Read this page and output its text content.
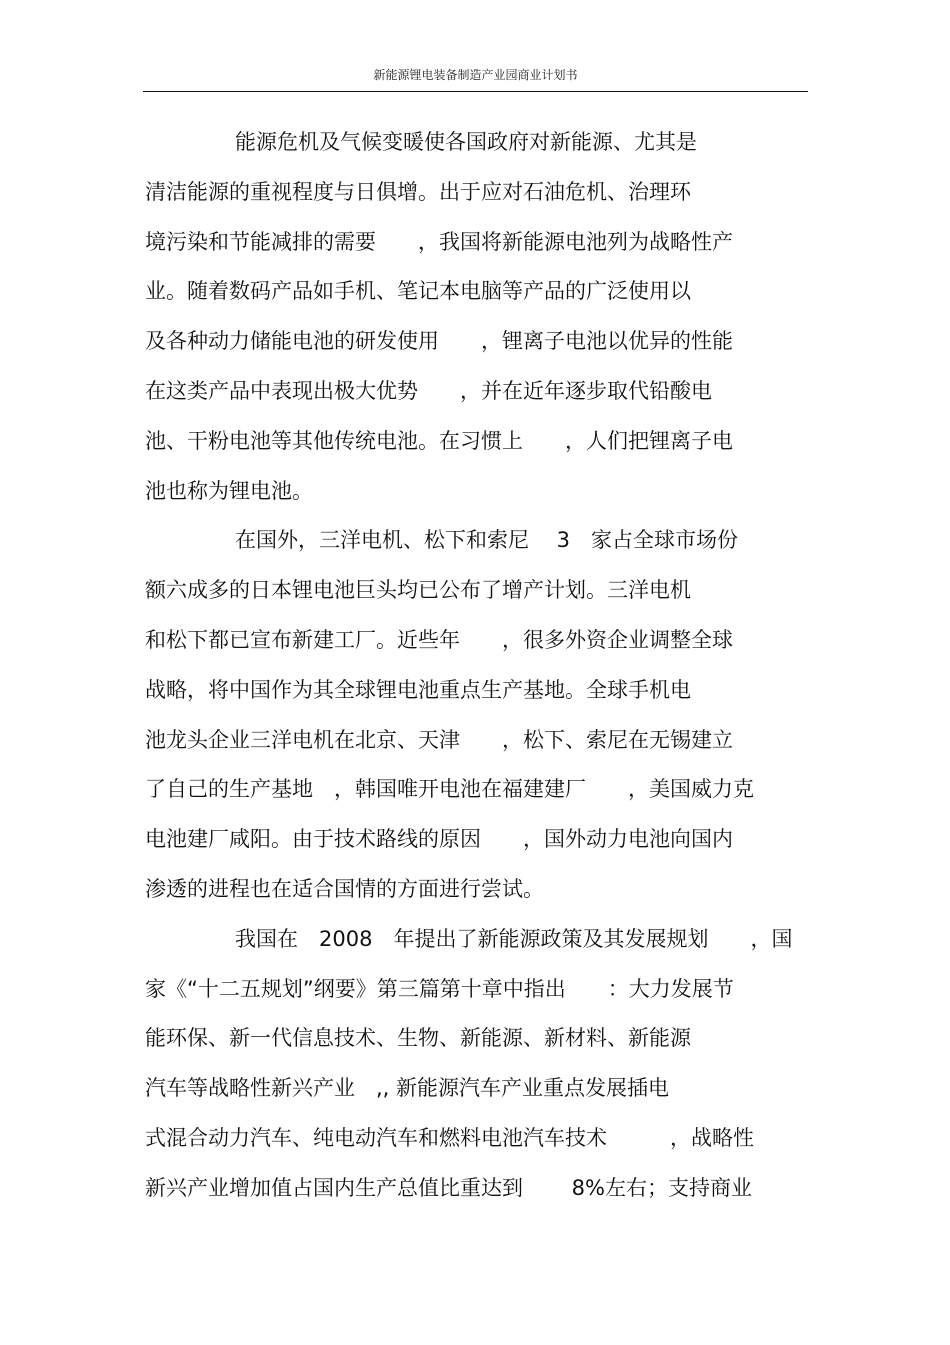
新能源锂电装备制造产业园商业计划书
能源危机及气候变暖使各国政府对新能源、尤其是
清洁能源的重视程度与日俱增。出于应对石油危机、治理环
境污染和节能减排的需要　　，我国将新能源电池列为战略性产
业。随着数码产品如手机、笔记本电脑等产品的广泛使用以
及各种动力储能电池的研发使用　　，锂离子电池以优异的性能
在这类产品中表现出极大优势　　，并在近年逐步取代铅酸电
池、干粉电池等其他传统电池。在习惯上　　，人们把锂离子电
池也称为锂电池。
在国外，三洋电机、松下和索尼　 3　家占全球市场份
额六成多的日本锂电池巨头均已公布了增产计划。三洋电机
和松下都已宣布新建工厂。近些年　　，很多外资企业调整全球
战略，将中国作为其全球锂电池重点生产基地。全球手机电
池龙头企业三洋电机在北京、天津　　，松下、索尼在无锡建立
了自己的生产基地　，韩国唯开电池在福建建厂　　，美国威力克
电池建厂咸阳。由于技术路线的原因　　，国外动力电池向国内
渗透的进程也在适合国情的方面进行尝试。
我国在　2008　年提出了新能源政策及其发展规划　　，国
家《“十二五规划”纲要》第三篇第十章中指出　　：大力发展节
能环保、新一代信息技术、生物、新能源、新材料、新能源
汽车等战略性新兴产业　,, 新能源汽车产业重点发展插电
式混合动力汽车、纯电动汽车和燃料电池汽车技术　　　，战略性
新兴产业增加值占国内生产总值比重达到　　 8%左右；支持商业
